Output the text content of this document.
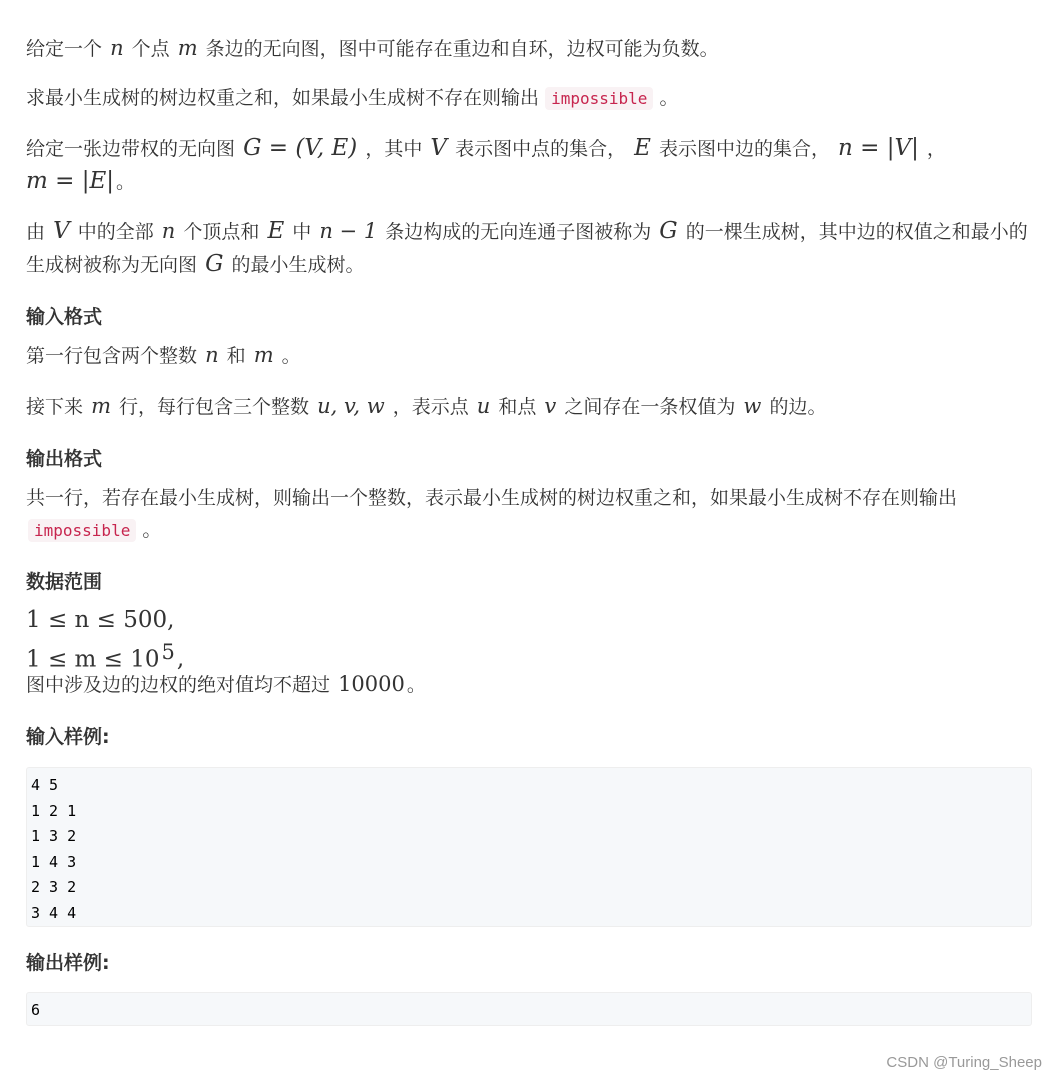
给定一个 n 个点 m 条边的无向图，图中可能存在重边和自环，边权可能为负数。

求最小生成树的树边权重之和，如果最小生成树不存在则输出 impossible 。

给定一张边带权的无向图 G = (V, E) ，其中 V 表示图中点的集合， E 表示图中边的集合， n = |V| ，
m = |E| 。

由 V 中的全部 n 个顶点和 E 中 n − 1 条边构成的无向连通子图被称为 G 的一棵生成树，其中边的权值之和最小的生成树被称为无向图 G 的最小生成树。

输入格式

第一行包含两个整数 n 和 m 。

接下来 m 行，每行包含三个整数 u, v, w ，表示点 u 和点 v 之间存在一条权值为 w 的边。

输出格式

共一行，若存在最小生成树，则输出一个整数，表示最小生成树的树边权重之和，如果最小生成树不存在则输出
impossible 。

数据范围

1 ≤ n ≤ 500,

$1 \le m \le 10^5$,

图中涉及边的边权的绝对值均不超过 10000 。

输入样例:
4 5
1 2 1
1 3 2
1 4 3
2 3 2
3 4 4
输出样例:
6
CSDN @Turing_Sheep
